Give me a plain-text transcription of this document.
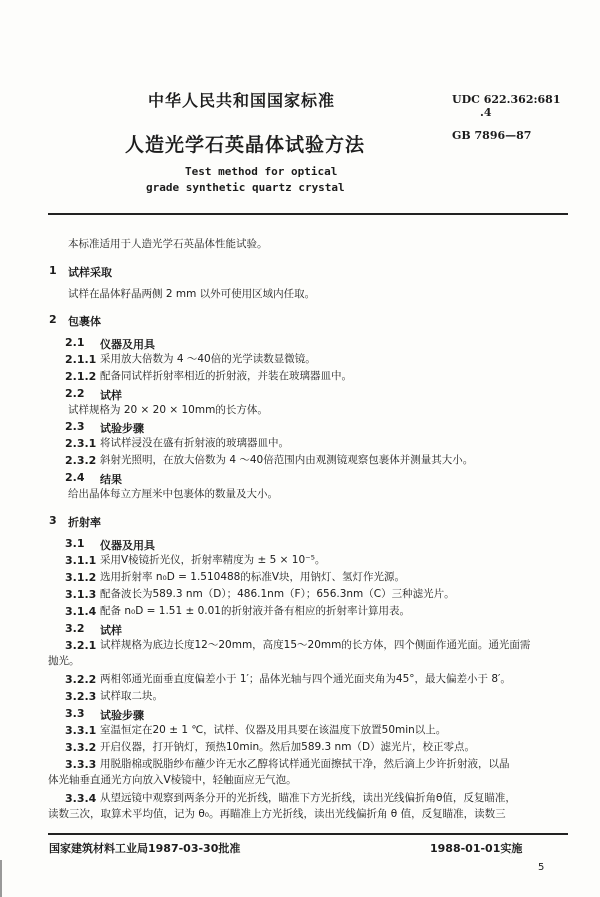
中华人民共和国国家标准	UDC 622.362:681
.4
GB 7896—87
人造光学石英晶体试验方法
Test method for optical
grade synthetic quartz crystal
本标准适用于人造光学石英晶体性能试验。
1 试样采取
试样在晶体籽晶两侧 2 mm 以外可使用区域内任取。
2 包裹体
2.1 仪器及用具
2.1.1 采用放大倍数为 4 ～40倍的光学读数显微镜。
2.1.2 配备同试样折射率相近的折射液，并装在玻璃器皿中。
2.2 试样
试样规格为 20 × 20 × 10mm的长方体。
2.3 试验步骤
2.3.1 将试样浸没在盛有折射液的玻璃器皿中。
2.3.2 斜射光照明，在放大倍数为 4 ～40倍范围内由观测镜观察包裹体并测量其大小。
2.4 结果
给出晶体每立方厘米中包裹体的数量及大小。
3 折射率
3.1 仪器及用具
3.1.1 采用V棱镜折光仪，折射率精度为 ± 5 × 10⁻⁵。
3.1.2 选用折射率 n₀D = 1.510488的标准V块，用钠灯、氢灯作光源。
3.1.3 配备波长为589.3 nm（D）；486.1nm（F）；656.3nm（C）三种滤光片。
3.1.4 配备 n₀D = 1.51 ± 0.01的折射液并备有相应的折射率计算用表。
3.2 试样
3.2.1 试样规格为底边长度12～20mm，高度15～20mm的长方体，四个侧面作通光面。通光面需
抛光。
3.2.2 两相邻通光面垂直度偏差小于 1′；晶体光轴与四个通光面夹角为45°，最大偏差小于 8′。
3.2.3 试样取二块。
3.3 试验步骤
3.3.1 室温恒定在20 ± 1 ℃，试样、仪器及用具要在该温度下放置50min以上。
3.3.2 开启仪器，打开钠灯，预热10min。然后加589.3 nm（D）滤光片，校正零点。
3.3.3 用脱脂棉或脱脂纱布蘸少许无水乙醇将试样通光面擦拭干净，然后滴上少许折射液，以晶
体光轴垂直通光方向放入V棱镜中，轻触面应无气泡。
3.3.4 从望远镜中观察到两条分开的光折线，瞄准下方光折线，读出光线偏折角θ值，反复瞄准，
读数三次，取算术平均值，记为 θ₀。再瞄准上方光折线，读出光线偏折角 θ 值，反复瞄准，读数三
国家建筑材料工业局1987-03-30批准	1988-01-01实施
5
